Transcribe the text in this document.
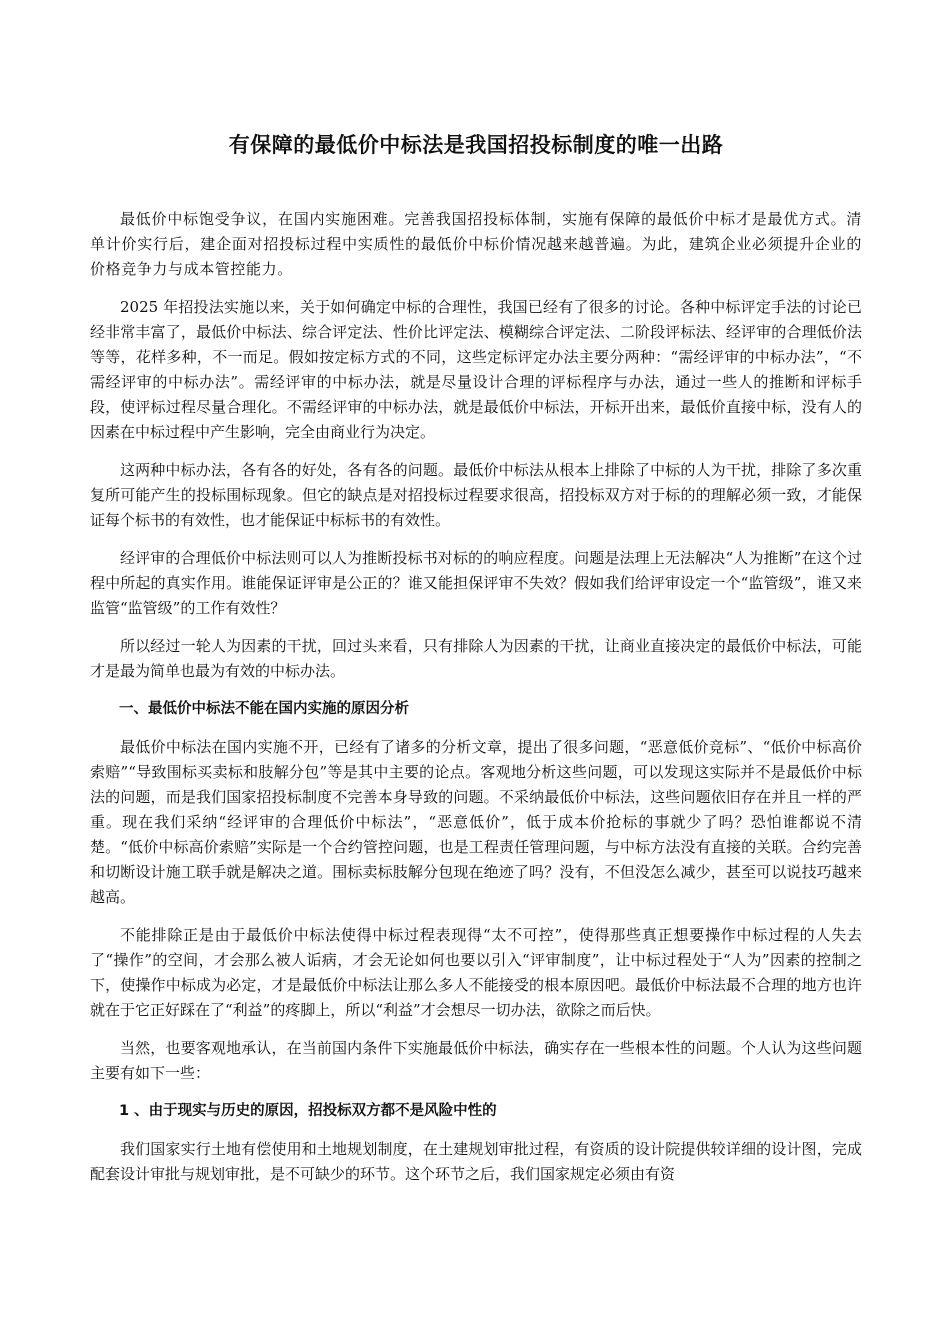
有保障的最低价中标法是我国招投标制度的唯一出路

最低价中标饱受争议，在国内实施困难。完善我国招投标体制，实施有保障的最低价中标才是最优方式。清单计价实行后，建企面对招投标过程中实质性的最低价中标价情况越来越普遍。为此，建筑企业必须提升企业的价格竞争力与成本管控能力。

2025 年招投法实施以来，关于如何确定中标的合理性，我国已经有了很多的讨论。各种中标评定手法的讨论已经非常丰富了，最低价中标法、综合评定法、性价比评定法、模糊综合评定法、二阶段评标法、经评审的合理低价法等等，花样多种，不一而足。假如按定标方式的不同，这些定标评定办法主要分两种：“需经评审的中标办法”，“不需经评审的中标办法”。需经评审的中标办法，就是尽量设计合理的评标程序与办法，通过一些人的推断和评标手段，使评标过程尽量合理化。不需经评审的中标办法，就是最低价中标法，开标开出来，最低价直接中标，没有人的因素在中标过程中产生影响，完全由商业行为决定。

这两种中标办法，各有各的好处，各有各的问题。最低价中标法从根本上排除了中标的人为干扰，排除了多次重复所可能产生的投标围标现象。但它的缺点是对招投标过程要求很高，招投标双方对于标的的理解必须一致，才能保证每个标书的有效性，也才能保证中标标书的有效性。

经评审的合理低价中标法则可以人为推断投标书对标的的响应程度。问题是法理上无法解决“人为推断”在这个过程中所起的真实作用。谁能保证评审是公正的？谁又能担保评审不失效？假如我们给评审设定一个“监管级”，谁又来监管“监管级”的工作有效性？

所以经过一轮人为因素的干扰，回过头来看，只有排除人为因素的干扰，让商业直接决定的最低价中标法，可能才是最为简单也最为有效的中标办法。

一、最低价中标法不能在国内实施的原因分析

最低价中标法在国内实施不开，已经有了诸多的分析文章，提出了很多问题，“恶意低价竞标”、“低价中标高价索赔”“导致围标买卖标和肢解分包”等是其中主要的论点。客观地分析这些问题，可以发现这实际并不是最低价中标法的问题，而是我们国家招投标制度不完善本身导致的问题。不采纳最低价中标法，这些问题依旧存在并且一样的严重。现在我们采纳“经评审的合理低价中标法”，“恶意低价”，低于成本价抢标的事就少了吗？恐怕谁都说不清楚。“低价中标高价索赔”实际是一个合约管控问题，也是工程责任管理问题，与中标方法没有直接的关联。合约完善和切断设计施工联手就是解决之道。围标卖标肢解分包现在绝迹了吗？没有，不但没怎么减少，甚至可以说技巧越来越高。

不能排除正是由于最低价中标法使得中标过程表现得“太不可控”，使得那些真正想要操作中标过程的人失去了“操作”的空间，才会那么被人诟病，才会无论如何也要以引入“评审制度”，让中标过程处于“人为”因素的控制之下，使操作中标成为必定，才是最低价中标法让那么多人不能接受的根本原因吧。最低价中标法最不合理的地方也许就在于它正好踩在了“利益”的疼脚上，所以“利益”才会想尽一切办法，欲除之而后快。

当然，也要客观地承认，在当前国内条件下实施最低价中标法，确实存在一些根本性的问题。个人认为这些问题主要有如下一些：

1 、由于现实与历史的原因，招投标双方都不是风险中性的

我们国家实行土地有偿使用和土地规划制度，在土建规划审批过程，有资质的设计院提供较详细的设计图，完成配套设计审批与规划审批，是不可缺少的环节。这个环节之后，我们国家规定必须由有资
